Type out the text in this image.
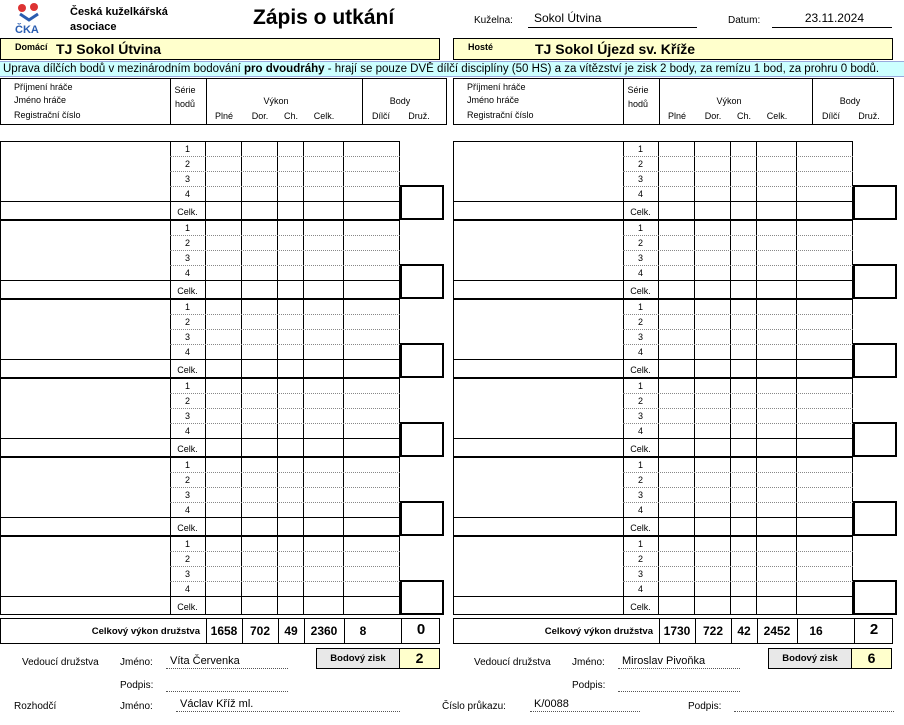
ČKA
Česká kuželkářská
asociace	Zápis o utkání	Kuželna:	Sokol Útvina	Datum:	23.11.2024
Domácí TJ Sokol Útvina	Hosté	TJ Sokol Újezd sv. Kříže
Uprava dílčích bodů v mezinárodním bodování pro dvoudráhy - hrají se pouze DVĚ dílčí disciplíny (50 HS) a za vítězství je zisk 2 body, za remízu 1 bod, za prohru 0 bodů.
Příjmení hráče
Jméno hráče
Registrační číslo
Série
hodů	Výkon
Plné	Dor.	Ch.	Celk.
Body
Dílčí	Druž.
Příjmení hráče
Jméno hráče
Registrační číslo
Série
hodů	Výkon
Plné	Dor.	Ch.	Celk.
Body
Dílčí	Druž.
1
2
3
4
Celk.
1
2
3
4
Celk.
1
2
3
4
Celk.
1
2
3
4
Celk.
1
2
3
4
Celk.
1
2
3
4
Celk.
1
2
3
4
Celk.
1
2
3
4
Celk.
1
2
3
4
Celk.
1
2
3
4
Celk.
1
2
3
4
Celk.
1
2
3
4
Celk.
Celkový výkon družstva 1658	702	49	2360	8	0	Celkový výkon družstva 1730	722	42	2452	16	2
Bodový zisk	2	Bodový zisk	6
Vedoucí družstva Jméno:	Víta Červenka
Podpis:
Vedoucí družstva Jméno:	Miroslav Pivoňka
Podpis:
Rozhodčí	Jméno:	Václav Kříž ml.	Číslo průkazu:	K/0088	Podpis:
